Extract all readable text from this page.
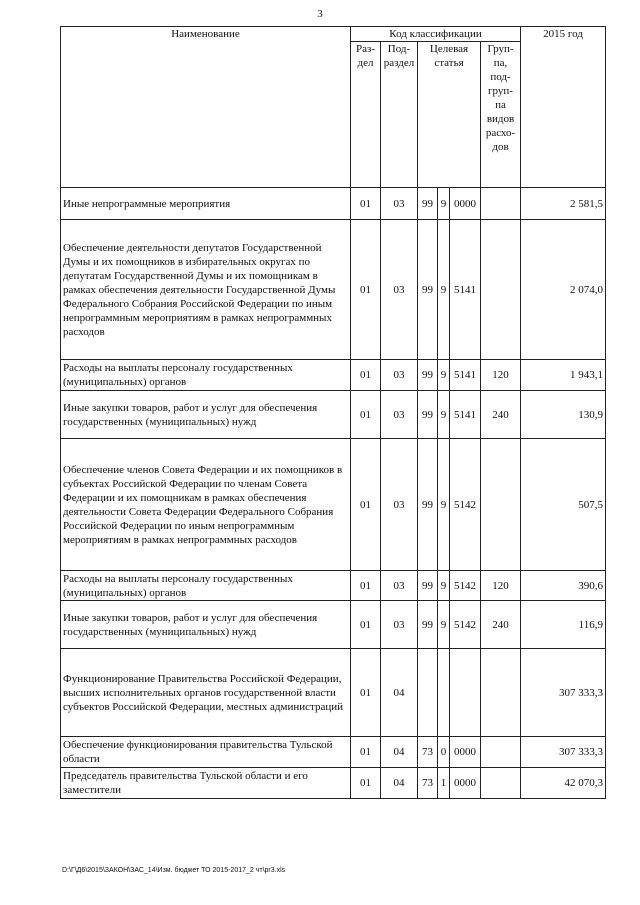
3
Наименование	Код классификации						2015 год
	Раз-дел	Под-раздел	Целевая статья			Груп-па, под-груп-па видов расхо-дов	
Иные непрограммные мероприятия	01	03	99	9	0000		2 581,5
Обеспечение деятельности депутатов Государственной Думы и их помощников в избирательных округах по депутатам Государственной Думы и их помощникам в рамках обеспечения деятельности Государственной Думы Федерального Собрания Российской Федерации по иным непрограммным мероприятиям в рамках непрограммных расходов	01	03	99	9	5141		2 074,0
Расходы на выплаты персоналу государственных (муниципальных) органов	01	03	99	9	5141	120	1 943,1
Иные закупки товаров, работ и услуг для обеспечения государственных (муниципальных) нужд	01	03	99	9	5141	240	130,9
Обеспечение членов Совета Федерации и их помощников в субъектах Российской Федерации по членам Совета Федерации и их помощникам в рамках обеспечения деятельности Совета Федерации Федерального Собрания Российской Федерации по иным непрограммным мероприятиям в рамках непрограммных расходов	01	03	99	9	5142		507,5
Расходы на выплаты персоналу государственных (муниципальных) органов	01	03	99	9	5142	120	390,6
Иные закупки товаров, работ и услуг для обеспечения государственных (муниципальных) нужд	01	03	99	9	5142	240	116,9
Функционирование Правительства Российской Федерации, высших исполнительных органов государственной власти субъектов Российской Федерации, местных администраций	01	04					307 333,3
Обеспечение функционирования правительства Тульской области	01	04	73	0	0000		307 333,3
Председатель правительства Тульской области и его заместители	01	04	73	1	0000		42 070,3
D:\Г\Д6\2015\ЗАКОН\ЗАС_14\Изм. бюджет ТО 2015-2017_2 чт\pr3.xls
